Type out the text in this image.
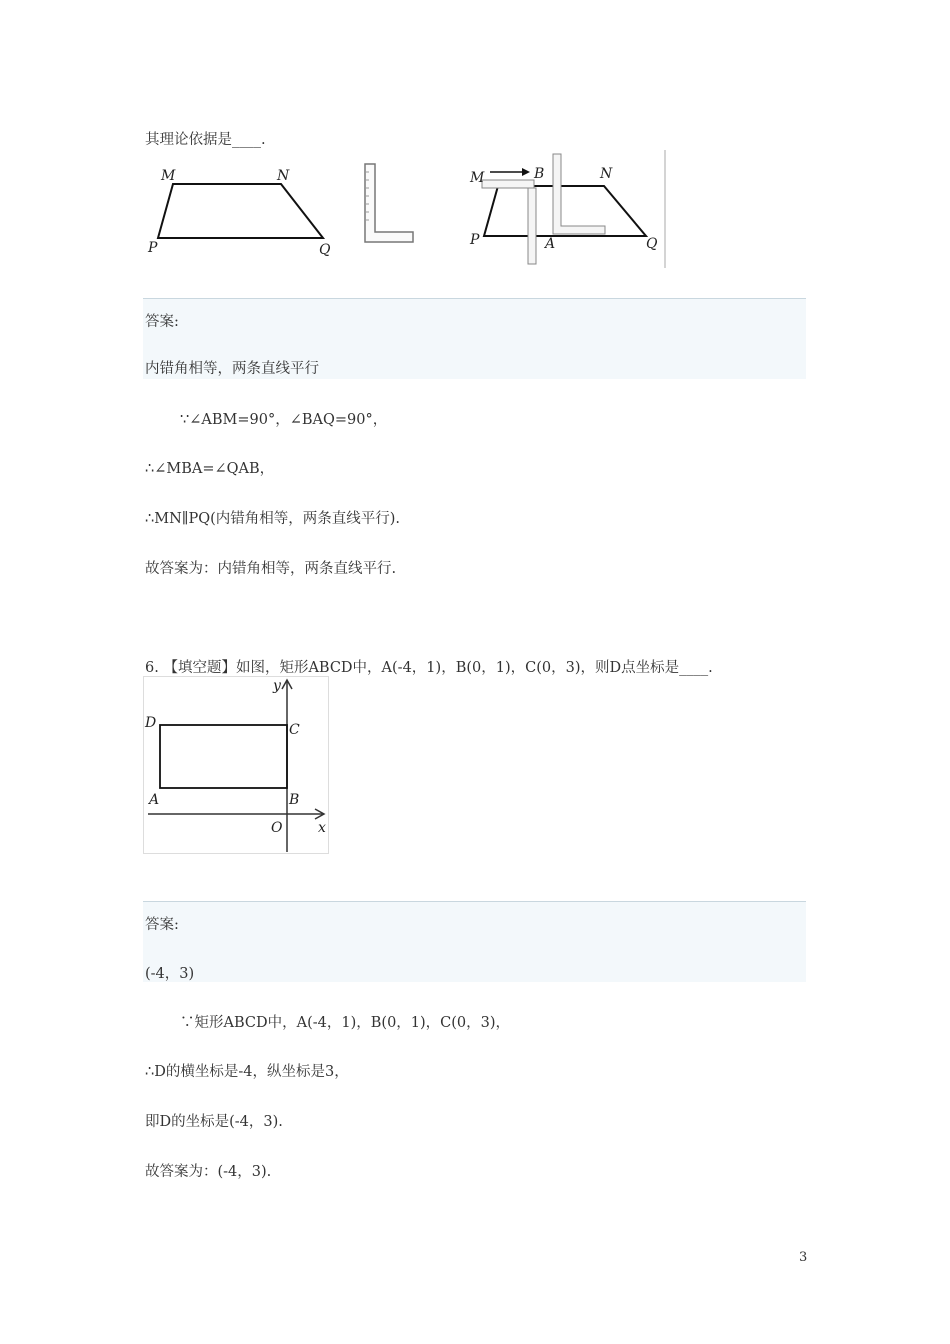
其理论依据是____.
M	N
P	Q
M	B	N
P	A	Q
答案:
内错角相等，两条直线平行
∵∠ABM=90°，∠BAQ=90°，
∴∠MBA=∠QAB，
∴MN∥PQ(内错角相等，两条直线平行).
故答案为：内错角相等，两条直线平行.
6. 【填空题】如图，矩形ABCD中，A(-4，1)，B(0，1)，C(0，3)，则D点坐标是____.
D	C
A	B
O	x
y
答案:
(-4，3)
∵矩形ABCD中，A(-4，1)，B(0，1)，C(0，3)，
∴D的横坐标是-4，纵坐标是3，
即D的坐标是(-4，3).
故答案为：(-4，3).
3
